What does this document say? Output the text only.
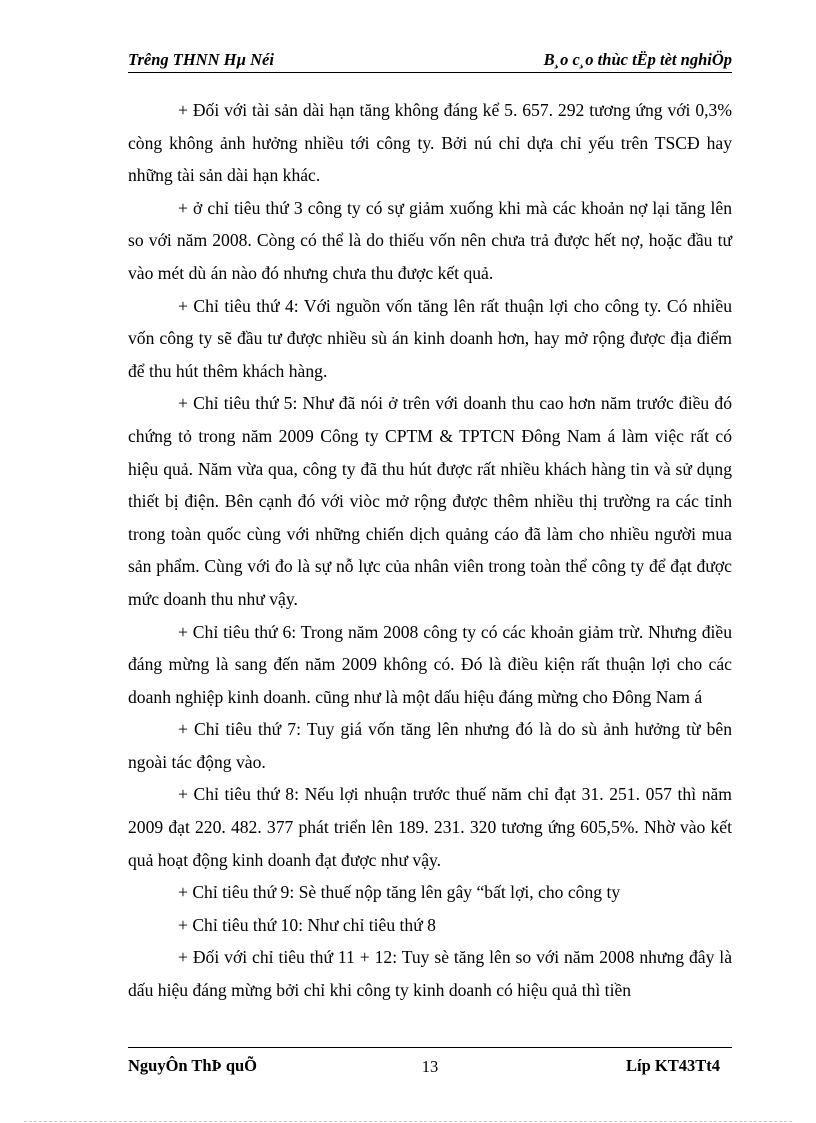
Trêng THNN Hµ Néi	B¸o c¸o thùc tËp tèt nghiÖp

+ Đối với tài sản dài hạn tăng không đáng kể 5. 657. 292 tương ứng với 0,3% còng không ảnh hưởng nhiều tới công ty. Bởi nú chỉ dựa chỉ yếu trên TSCĐ hay những tài sản dài hạn khác.

+ ở chỉ tiêu thứ 3 công ty có sự giảm xuống khi mà các khoản nợ lại tăng lên so với năm 2008. Còng có thể là do thiếu vốn nên chưa trả được hết nợ, hoặc đầu tư vào mét dù án nào đó nhưng chưa thu được kết quả.

+ Chỉ tiêu thứ 4: Với nguồn vốn tăng lên rất thuận lợi cho công ty. Có nhiều vốn công ty sẽ đầu tư được nhiều sù án kinh doanh hơn, hay mở rộng được địa điểm để thu hút thêm khách hàng.

+ Chỉ tiêu thứ 5: Như đã nói ở trên với doanh thu cao hơn năm trước điều đó chứng tỏ trong năm 2009 Công ty CPTM & TPTCN Đông Nam á làm việc rất có hiệu quả. Năm vừa qua, công ty đã thu hút được rất nhiều khách hàng tin và sử dụng thiết bị điện. Bên cạnh đó với viòc mở rộng được thêm nhiều thị trường ra các tỉnh trong toàn quốc cùng với những chiến dịch quảng cáo đã làm cho nhiều người mua sản phẩm. Cùng với đo là sự nỗ lực của nhân viên trong toàn thể công ty để đạt được mức doanh thu như vậy.

+ Chỉ tiêu thứ 6: Trong năm 2008 công ty có các khoản giảm trừ. Nhưng điều đáng mừng là sang đến năm 2009 không có. Đó là điều kiện rất thuận lợi cho các doanh nghiệp kinh doanh. cũng như là một dấu hiệu đáng mừng cho Đông Nam á

+ Chỉ tiêu thứ 7: Tuy giá vốn tăng lên nhưng đó là do sù ảnh hưởng từ bên ngoài tác động vào.

+ Chỉ tiêu thứ 8: Nếu lợi nhuận trước thuế năm chỉ đạt 31. 251. 057 thì năm 2009 đạt 220. 482. 377 phát triển lên 189. 231. 320 tương ứng 605,5%. Nhờ vào kết quả hoạt động kinh doanh đạt được như vậy.

+ Chỉ tiêu thứ 9: Sè thuế nộp tăng lên gây “bất lợi, cho công ty

+ Chỉ tiêu thứ 10: Như chỉ tiêu thứ 8

+ Đối với chỉ tiêu thứ 11 + 12: Tuy sè tăng lên so với năm 2008 nhưng đây là dấu hiệu đáng mừng bởi chỉ khi công ty kinh doanh có hiệu quả thì tiền

NguyÔn ThÞ quÕ	13	Líp KT43Tt4
